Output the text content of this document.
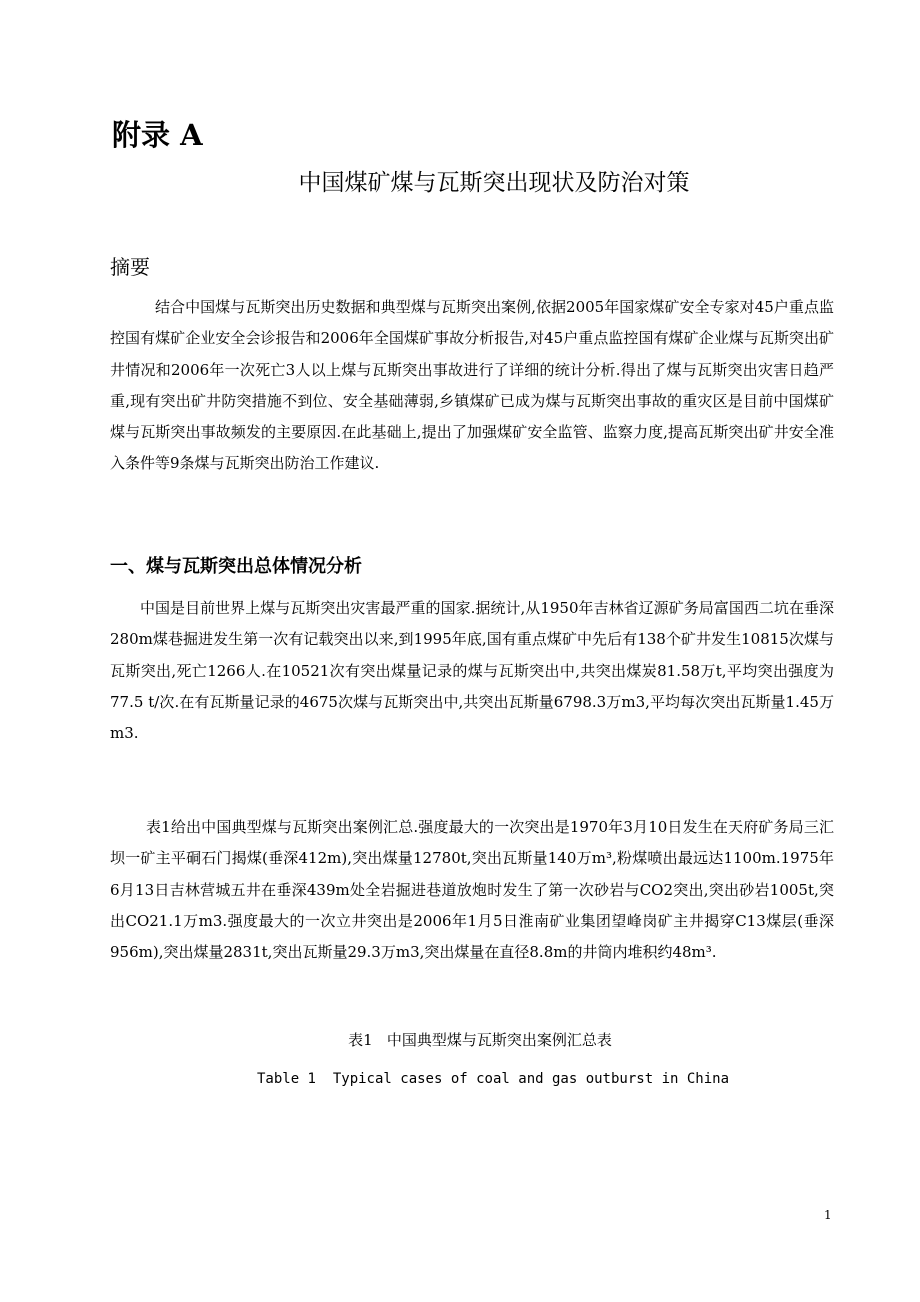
附录 A
中国煤矿煤与瓦斯突出现状及防治对策
摘要

结合中国煤与瓦斯突出历史数据和典型煤与瓦斯突出案例,依据2005年国家煤矿安全专家对45户重点监控国有煤矿企业安全会诊报告和2006年全国煤矿事故分析报告,对45户重点监控国有煤矿企业煤与瓦斯突出矿井情况和2006年一次死亡3人以上煤与瓦斯突出事故进行了详细的统计分析.得出了煤与瓦斯突出灾害日趋严重,现有突出矿井防突措施不到位、安全基础薄弱,乡镇煤矿已成为煤与瓦斯突出事故的重灾区是目前中国煤矿煤与瓦斯突出事故频发的主要原因.在此基础上,提出了加强煤矿安全监管、监察力度,提高瓦斯突出矿井安全准入条件等9条煤与瓦斯突出防治工作建议.

一、煤与瓦斯突出总体情况分析

中国是目前世界上煤与瓦斯突出灾害最严重的国家.据统计,从1950年吉林省辽源矿务局富国西二坑在垂深280m煤巷掘进发生第一次有记载突出以来,到1995年底,国有重点煤矿中先后有138个矿井发生10815次煤与瓦斯突出,死亡1266人.在10521次有突出煤量记录的煤与瓦斯突出中,共突出煤炭81.58万t,平均突出强度为77.5 t/次.在有瓦斯量记录的4675次煤与瓦斯突出中,共突出瓦斯量6798.3万m3,平均每次突出瓦斯量1.45万m3.

表1给出中国典型煤与瓦斯突出案例汇总.强度最大的一次突出是1970年3月10日发生在天府矿务局三汇坝一矿主平硐石门揭煤(垂深412m),突出煤量12780t,突出瓦斯量140万m³,粉煤喷出最远达1100m.1975年6月13日吉林营城五井在垂深439m处全岩掘进巷道放炮时发生了第一次砂岩与CO2突出,突出砂岩1005t,突出CO21.1万m3.强度最大的一次立井突出是2006年1月5日淮南矿业集团望峰岗矿主井揭穿C13煤层(垂深956m),突出煤量2831t,突出瓦斯量29.3万m3,突出煤量在直径8.8m的井筒内堆积约48m³.

表1   中国典型煤与瓦斯突出案例汇总表
Table 1  Typical cases of coal and gas outburst in China
1
